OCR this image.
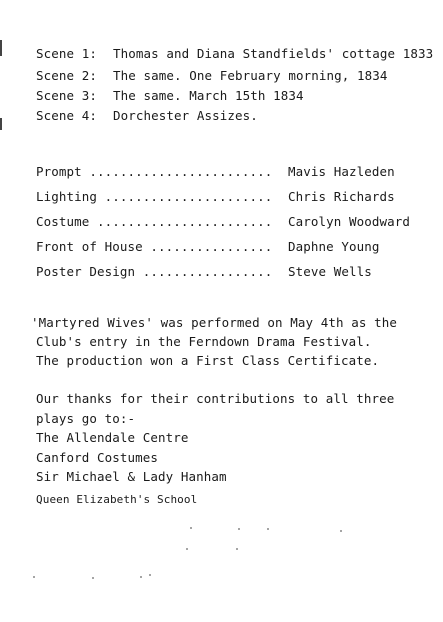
Scene 1: Thomas and Diana Standfields' cottage 1833
Scene 2: The same. One February morning, 1834
Scene 3: The same. March 15th 1834
Scene 4: Dorchester Assizes.
Prompt ........................ Mavis Hazleden
Lighting ...................... Chris Richards
Costume ....................... Carolyn Woodward
Front of House ................ Daphne Young
Poster Design ................. Steve Wells
'Martyred Wives' was performed on May 4th as the
Club's entry in the Ferndown Drama Festival.
The production won a First Class Certificate.
Our thanks for their contributions to all three
plays go to:-
The Allendale Centre
Canford Costumes
Sir Michael & Lady Hanham
Queen Elizabeth's School
